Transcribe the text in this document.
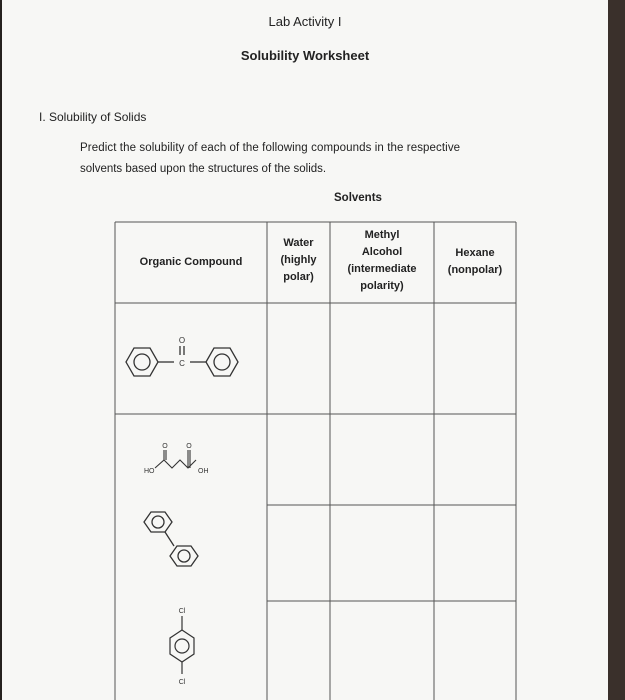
Lab Activity I
Solubility Worksheet
I. Solubility of Solids
Predict the solubility of each of the following compounds in the respective
solvents based upon the structures of the solids.
Solvents
Organic Compound
Water
(highly
polar)
Methyl
Alcohol
(intermediate
polarity)
Hexane
(nonpolar)
O
C
HO	OH
O	O
Cl
Cl
